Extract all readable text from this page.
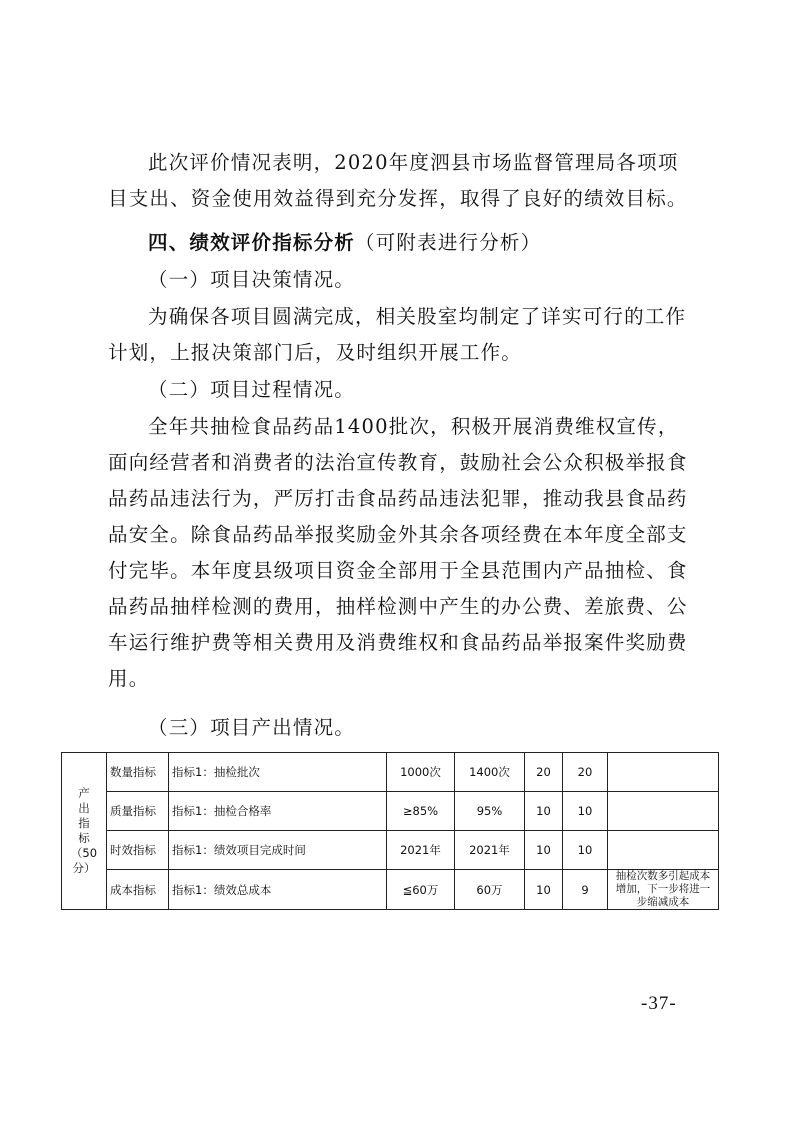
此次评价情况表明，2020年度泗县市场监督管理局各项项目支出、资金使用效益得到充分发挥，取得了良好的绩效目标。

四、绩效评价指标分析（可附表进行分析）
（一）项目决策情况。

为确保各项目圆满完成，相关股室均制定了详实可行的工作计划，上报决策部门后，及时组织开展工作。

（二）项目过程情况。

全年共抽检食品药品1400批次，积极开展消费维权宣传，面向经营者和消费者的法治宣传教育，鼓励社会公众积极举报食品药品违法行为，严厉打击食品药品违法犯罪，推动我县食品药品安全。除食品药品举报奖励金外其余各项经费在本年度全部支付完毕。本年度县级项目资金全部用于全县范围内产品抽检、食品药品抽样检测的费用，抽样检测中产生的办公费、差旅费、公车运行维护费等相关费用及消费维权和食品药品举报案件奖励费用。

（三）项目产出情况。
产
出
指
标
（50分）	数量指标	指标1：抽检批次	1000次	1400次	20	20	
	质量指标	指标1：抽检合格率	≥85%	95%	10	10	
	时效指标	指标1：绩效项目完成时间	2021年	2021年	10	10	
	成本指标	指标1：绩效总成本	≦60万	60万	10	9	抽检次数多引起成本增加，下一步将进一步缩减成本
-37-
